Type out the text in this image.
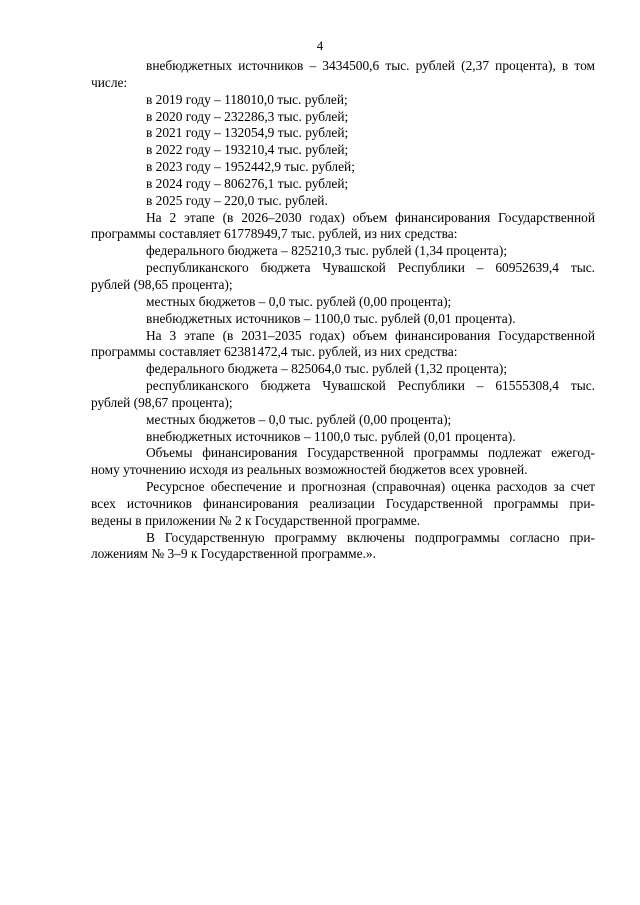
4
внебюджетных источников – 3434500,6 тыс. рублей (2,37 процента), в том
числе:
в 2019 году – 118010,0 тыс. рублей;
в 2020 году – 232286,3 тыс. рублей;
в 2021 году – 132054,9 тыс. рублей;
в 2022 году – 193210,4 тыс. рублей;
в 2023 году – 1952442,9 тыс. рублей;
в 2024 году – 806276,1 тыс. рублей;
в 2025 году – 220,0 тыс. рублей.
На 2 этапе (в 2026–2030 годах) объем финансирования Государственной
программы составляет 61778949,7 тыс. рублей, из них средства:
федерального бюджета – 825210,3 тыс. рублей (1,34 процента);
республиканского бюджета Чувашской Республики – 60952639,4 тыс.
рублей (98,65 процента);
местных бюджетов – 0,0 тыс. рублей (0,00 процента);
внебюджетных источников – 1100,0 тыс. рублей (0,01 процента).
На 3 этапе (в 2031–2035 годах) объем финансирования Государственной
программы составляет 62381472,4 тыс. рублей, из них средства:
федерального бюджета – 825064,0 тыс. рублей (1,32 процента);
республиканского бюджета Чувашской Республики – 61555308,4 тыс.
рублей (98,67 процента);
местных бюджетов – 0,0 тыс. рублей (0,00 процента);
внебюджетных источников – 1100,0 тыс. рублей (0,01 процента).
Объемы финансирования Государственной программы подлежат ежегод-
ному уточнению исходя из реальных возможностей бюджетов всех уровней.
Ресурсное обеспечение и прогнозная (справочная) оценка расходов за счет
всех источников финансирования реализации Государственной программы при-
ведены в приложении № 2 к Государственной программе.
В Государственную программу включены подпрограммы согласно при-
ложениям № 3–9 к Государственной программе.».
